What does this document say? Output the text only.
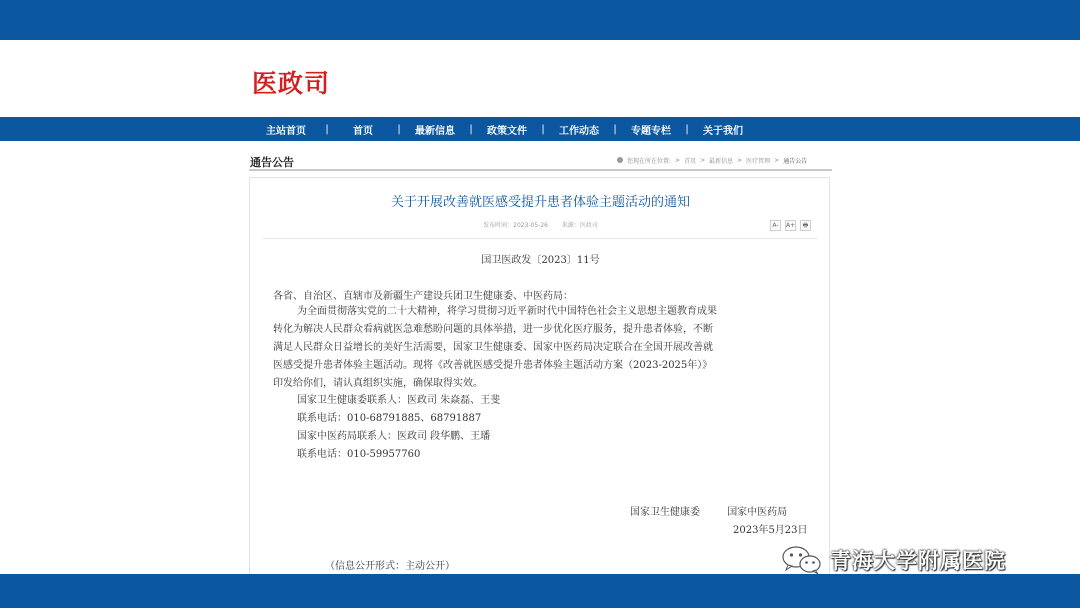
医政司
主站首页	|	首页	|	最新信息	|	政策文件	|	工作动态	|	专题专栏	|	关于我们
通告公告	您现在所在位置: > 首页 > 最新信息 > 医疗管理 > 通告公告
关于开展改善就医感受提升患者体验主题活动的通知
发布时间：2023-05-26 来源：医政司	A-	A+	🖶
国卫医政发〔2023〕11号
各省、自治区、直辖市及新疆生产建设兵团卫生健康委、中医药局：

为全面贯彻落实党的二十大精神，将学习贯彻习近平新时代中国特色社会主义思想主题教育成果

转化为解决人民群众看病就医急难愁盼问题的具体举措，进一步优化医疗服务，提升患者体验，不断

满足人民群众日益增长的美好生活需要，国家卫生健康委、国家中医药局决定联合在全国开展改善就

医感受提升患者体验主题活动。现将《改善就医感受提升患者体验主题活动方案（2023-2025年）》

印发给你们，请认真组织实施，确保取得实效。

国家卫生健康委联系人：医政司 朱焱磊、王斐
联系电话：010-68791885、68791887
国家中医药局联系人：医政司 段华鹏、王璠
联系电话：010-59957760
国家卫生健康委	国家中医药局
2023年5月23日
（信息公开形式：主动公开）	青海大学附属医院
